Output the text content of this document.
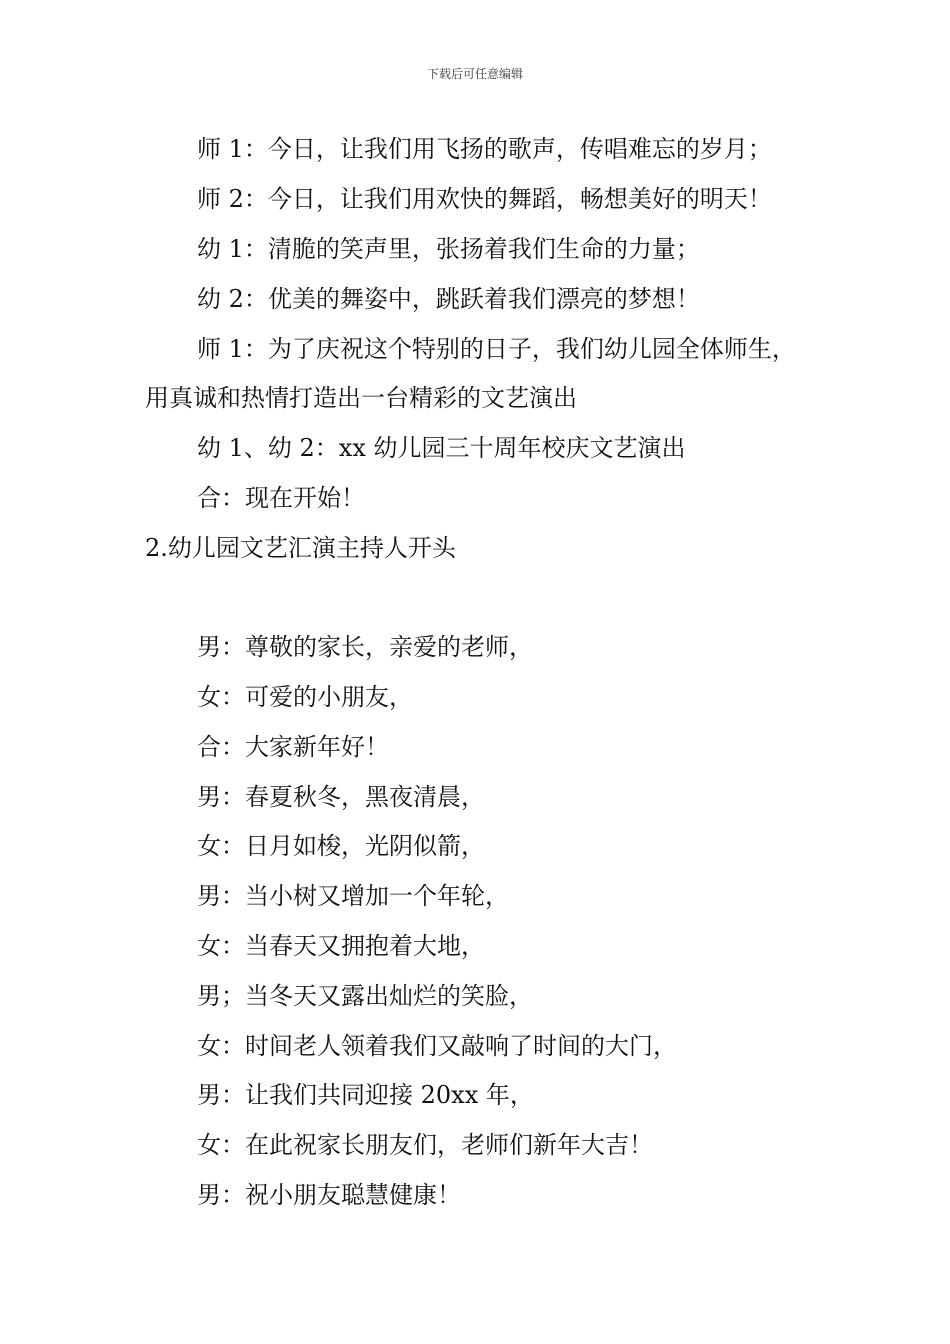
下载后可任意编辑
师 1：今日，让我们用飞扬的歌声，传唱难忘的岁月；
师 2：今日，让我们用欢快的舞蹈，畅想美好的明天！
幼 1：清脆的笑声里，张扬着我们生命的力量；
幼 2：优美的舞姿中，跳跃着我们漂亮的梦想！
师 1：为了庆祝这个特别的日子，我们幼儿园全体师生，
用真诚和热情打造出一台精彩的文艺演出
幼 1、幼 2：xx 幼儿园三十周年校庆文艺演出
合：现在开始！
2.幼儿园文艺汇演主持人开头
男：尊敬的家长，亲爱的老师，
女：可爱的小朋友，
合：大家新年好！
男：春夏秋冬，黑夜清晨，
女：日月如梭，光阴似箭，
男：当小树又增加一个年轮，
女：当春天又拥抱着大地，
男；当冬天又露出灿烂的笑脸，
女：时间老人领着我们又敲响了时间的大门，
男：让我们共同迎接 20xx 年，
女：在此祝家长朋友们，老师们新年大吉！
男：祝小朋友聪慧健康！
